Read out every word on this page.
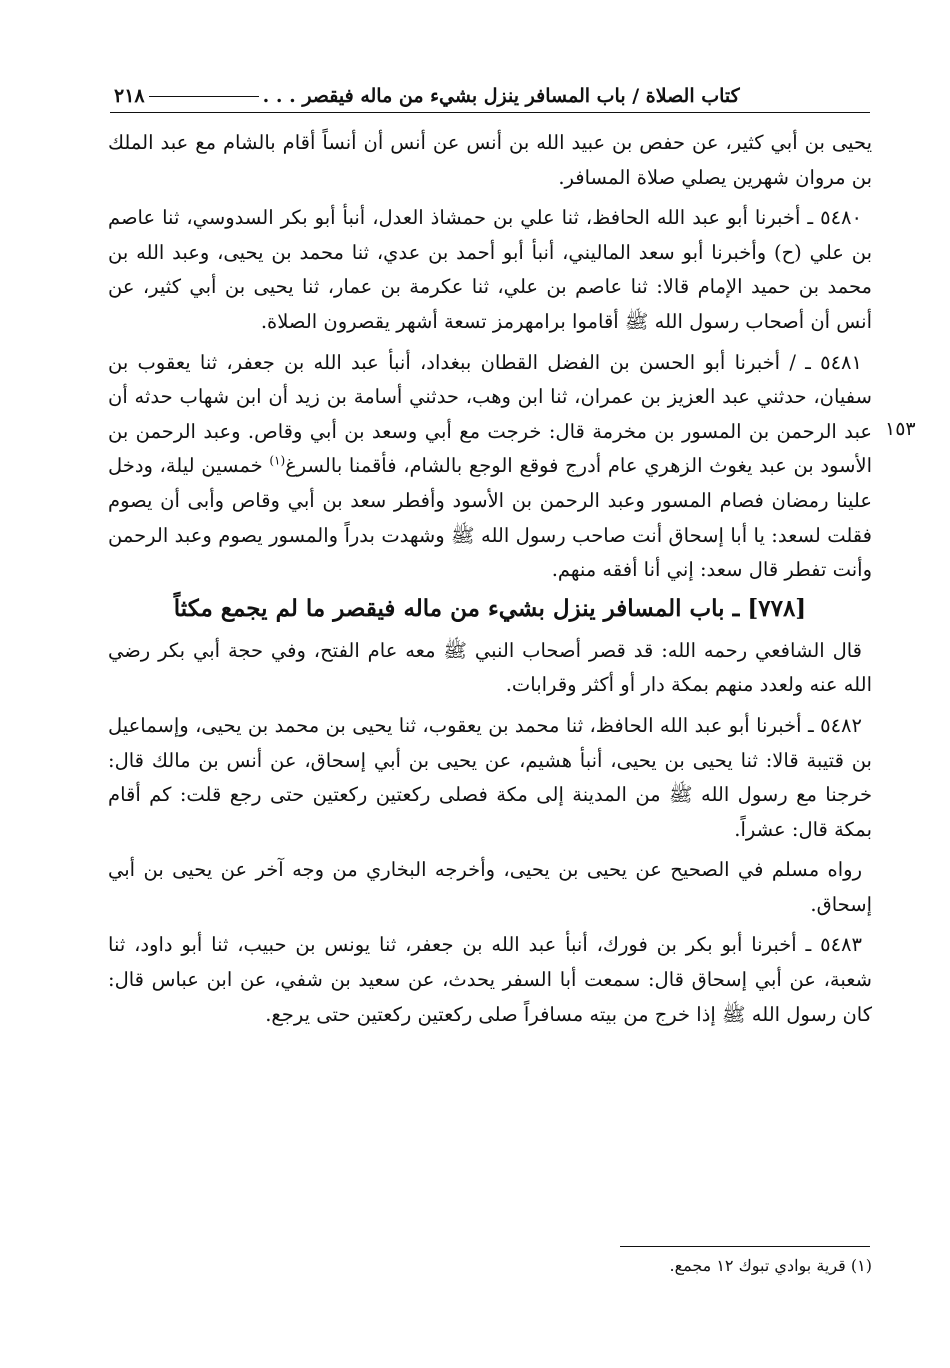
٢١٨	كتاب الصلاة / باب المسافر ينزل بشيء من ماله فيقصر . . .
١٥٣

يحيى بن أبي كثير، عن حفص بن عبيد الله بن أنس عن أنس أن أنساً أقام بالشام مع عبد الملك بن مروان شهرين يصلي صلاة المسافر.

٥٤٨٠ ـ أخبرنا أبو عبد الله الحافظ، ثنا علي بن حمشاذ العدل، أنبأ أبو بكر السدوسي، ثنا عاصم بن علي (ح) وأخبرنا أبو سعد الماليني، أنبأ أبو أحمد بن عدي، ثنا محمد بن يحيى، وعبد الله بن محمد بن حميد الإمام قالا: ثنا عاصم بن علي، ثنا عكرمة بن عمار، ثنا يحيى بن أبي كثير، عن أنس أن أصحاب رسول الله ﷺ أقاموا برامهرمز تسعة أشهر يقصرون الصلاة.

٥٤٨١ ـ / أخبرنا أبو الحسن بن الفضل القطان ببغداد، أنبأ عبد الله بن جعفر، ثنا يعقوب بن سفيان، حدثني عبد العزيز بن عمران، ثنا ابن وهب، حدثني أسامة بن زيد أن ابن شهاب حدثه أن عبد الرحمن بن المسور بن مخرمة قال: خرجت مع أبي وسعد بن أبي وقاص. وعبد الرحمن بن الأسود بن عبد يغوث الزهري عام أدرج فوقع الوجع بالشام، فأقمنا بالسرغ$^{(١)}$ خمسين ليلة، ودخل علينا رمضان فصام المسور وعبد الرحمن بن الأسود وأفطر سعد بن أبي وقاص وأبى أن يصوم فقلت لسعد: يا أبا إسحاق أنت صاحب رسول الله ﷺ وشهدت بدراً والمسور يصوم وعبد الرحمن وأنت تفطر قال سعد: إني أنا أفقه منهم.

[٧٧٨] ـ باب المسافر ينزل بشيء من ماله فيقصر ما لم يجمع مكثاً

قال الشافعي رحمه الله: قد قصر أصحاب النبي ﷺ معه عام الفتح، وفي حجة أبي بكر رضي الله عنه ولعدد منهم بمكة دار أو أكثر وقرابات.

٥٤٨٢ ـ أخبرنا أبو عبد الله الحافظ، ثنا محمد بن يعقوب، ثنا يحيى بن محمد بن يحيى، وإسماعيل بن قتيبة قالا: ثنا يحيى بن يحيى، أنبأ هشيم، عن يحيى بن أبي إسحاق، عن أنس بن مالك قال: خرجنا مع رسول الله ﷺ من المدينة إلى مكة فصلى ركعتين ركعتين حتى رجع قلت: كم أقام بمكة قال: عشراً.

رواه مسلم في الصحيح عن يحيى بن يحيى، وأخرجه البخاري من وجه آخر عن يحيى بن أبي إسحاق.

٥٤٨٣ ـ أخبرنا أبو بكر بن فورك، أنبأ عبد الله بن جعفر، ثنا يونس بن حبيب، ثنا أبو داود، ثنا شعبة، عن أبي إسحاق قال: سمعت أبا السفر يحدث، عن سعيد بن شفي، عن ابن عباس قال: كان رسول الله ﷺ إذا خرج من بيته مسافراً صلى ركعتين ركعتين حتى يرجع.

(١) قرية بوادي تبوك ١٢ مجمع.
